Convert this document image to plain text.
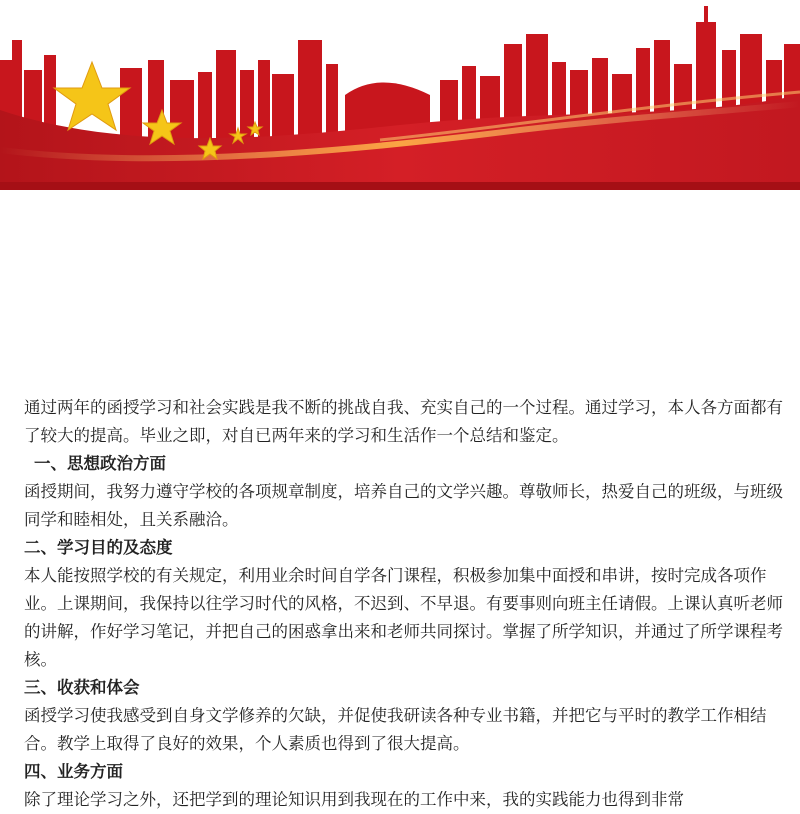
通过两年的函授学习和社会实践是我不断的挑战自我、充实自己的一个过程。通过学习，本人各方面都有了较大的提高。毕业之即，对自已两年来的学习和生活作一个总结和鉴定。

一、思想政治方面

函授期间，我努力遵守学校的各项规章制度，培养自己的文学兴趣。尊敬师长，热爱自己的班级，与班级同学和睦相处，且关系融洽。

二、学习目的及态度

本人能按照学校的有关规定，利用业余时间自学各门课程，积极参加集中面授和串讲，按时完成各项作业。上课期间，我保持以往学习时代的风格，不迟到、不早退。有要事则向班主任请假。上课认真听老师的讲解，作好学习笔记，并把自己的困惑拿出来和老师共同探讨。掌握了所学知识，并通过了所学课程考核。

三、收获和体会

函授学习使我感受到自身文学修养的欠缺，并促使我研读各种专业书籍，并把它与平时的教学工作相结合。教学上取得了良好的效果，个人素质也得到了很大提高。

四、业务方面

除了理论学习之外，还把学到的理论知识用到我现在的工作中来，我的实践能力也得到非常
